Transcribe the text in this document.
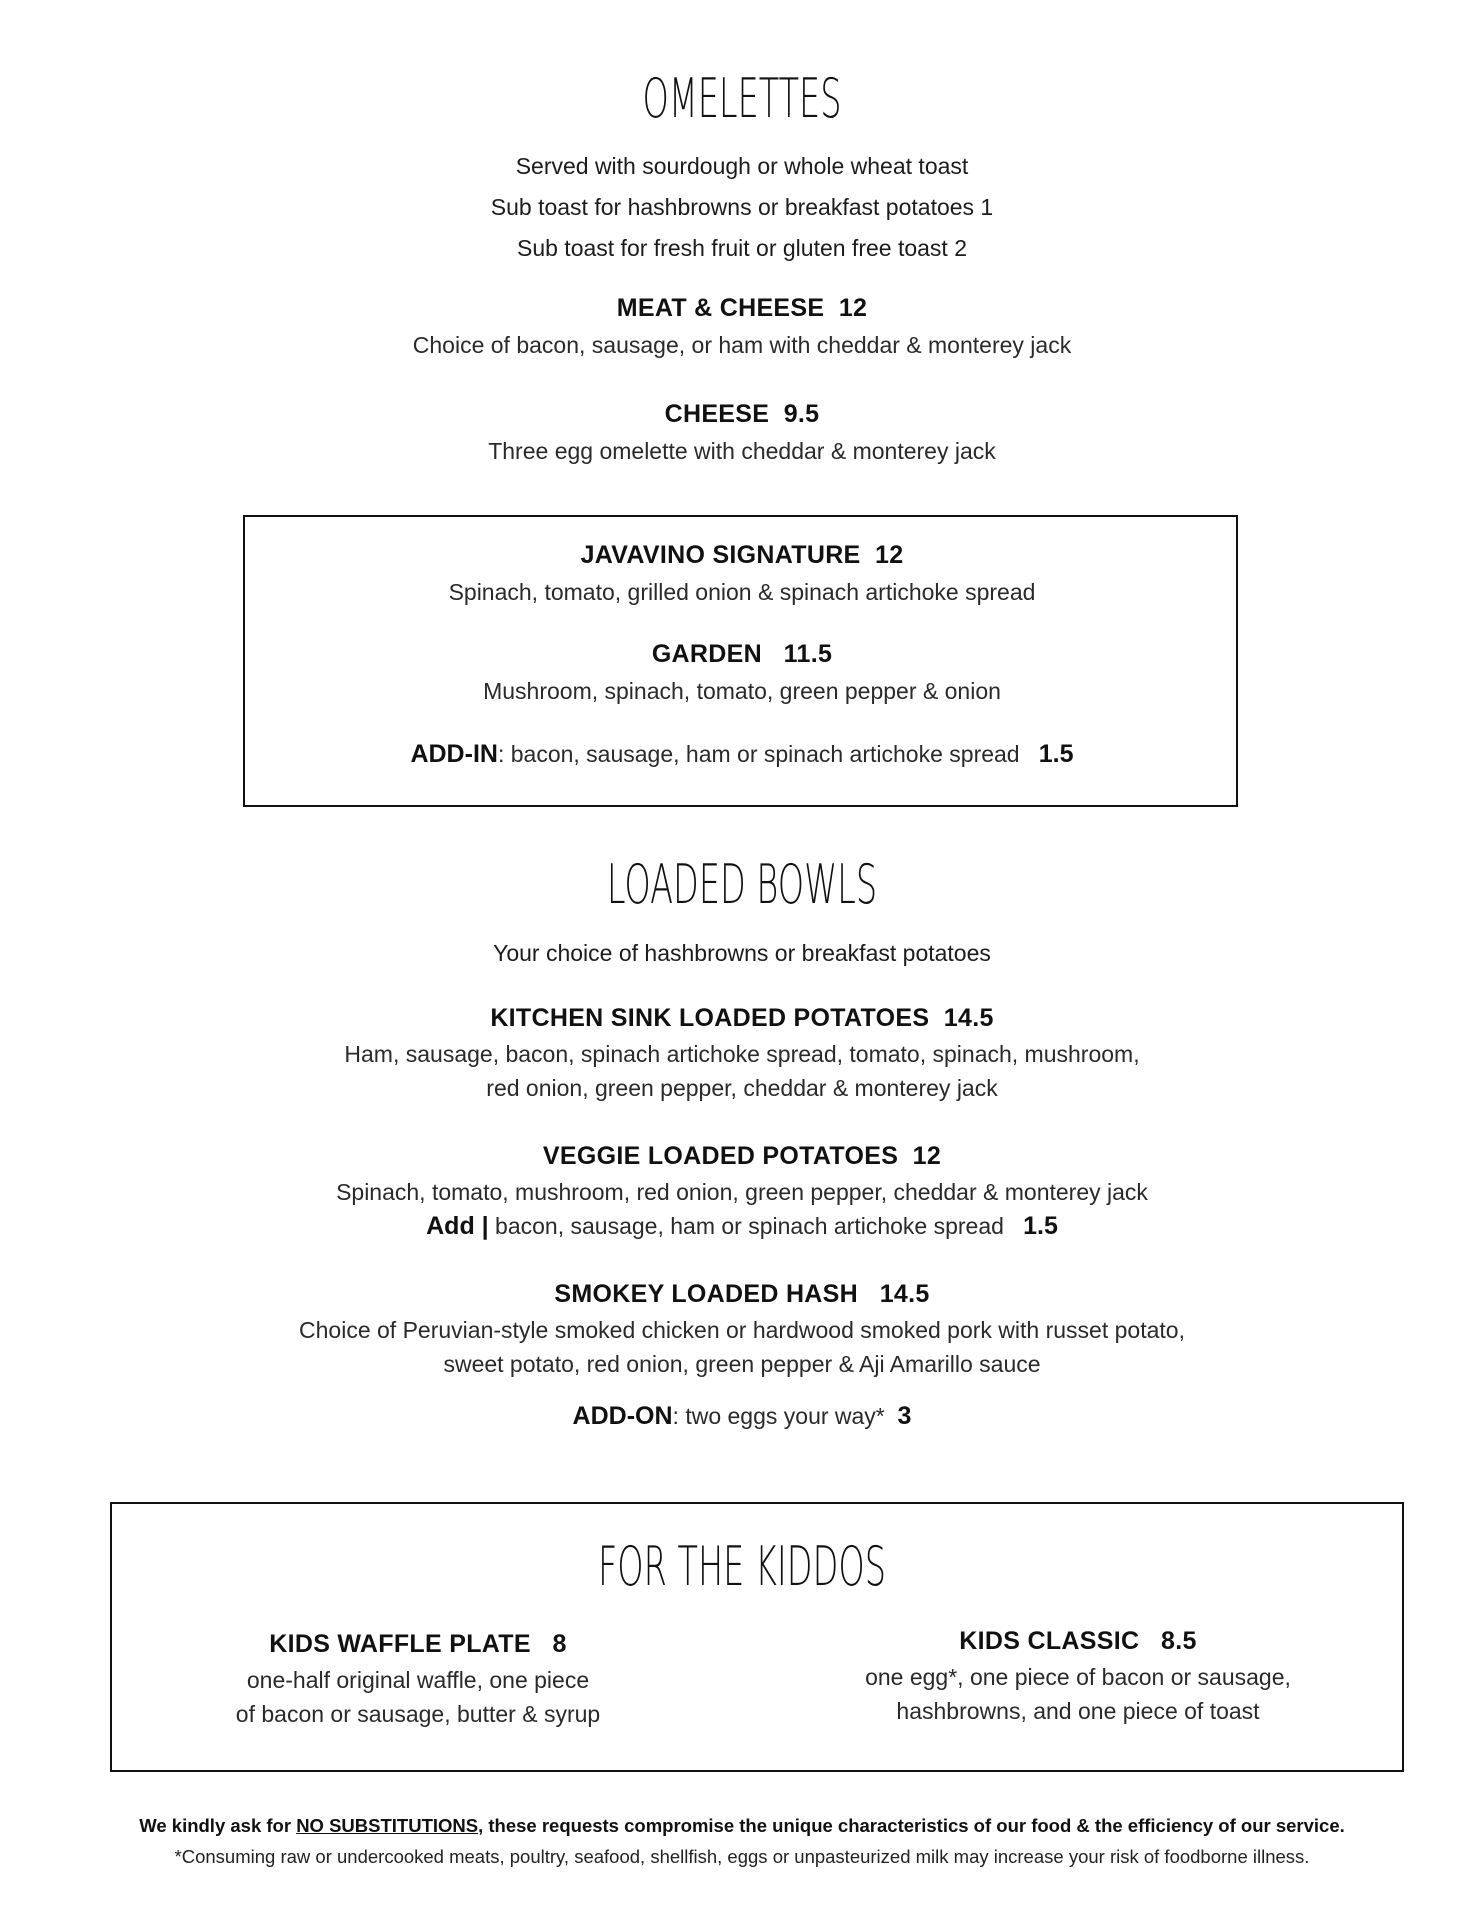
OMELETTES
Served with sourdough or whole wheat toast
Sub toast for hashbrowns or breakfast potatoes 1
Sub toast for fresh fruit or gluten free toast 2
MEAT & CHEESE  12
Choice of bacon, sausage, or ham with cheddar & monterey jack
CHEESE  9.5
Three egg omelette with cheddar & monterey jack
JAVAVINO SIGNATURE  12
Spinach, tomato, grilled onion & spinach artichoke spread
GARDEN   11.5
Mushroom, spinach, tomato, green pepper & onion
ADD-IN: bacon, sausage, ham or spinach artichoke spread   1.5
LOADED BOWLS
Your choice of hashbrowns or breakfast potatoes
KITCHEN SINK LOADED POTATOES  14.5
Ham, sausage, bacon, spinach artichoke spread, tomato, spinach, mushroom,
red onion, green pepper, cheddar & monterey jack
VEGGIE LOADED POTATOES  12
Spinach, tomato, mushroom, red onion, green pepper, cheddar & monterey jack
Add | bacon, sausage, ham or spinach artichoke spread   1.5
SMOKEY LOADED HASH   14.5
Choice of Peruvian-style smoked chicken or hardwood smoked pork with russet potato,
sweet potato, red onion, green pepper & Aji Amarillo sauce
ADD-ON: two eggs your way*  3
FOR THE KIDDOS
KIDS WAFFLE PLATE   8
one-half original waffle, one piece
of bacon or sausage, butter & syrup
KIDS CLASSIC   8.5
one egg*, one piece of bacon or sausage,
hashbrowns, and one piece of toast
We kindly ask for NO SUBSTITUTIONS, these requests compromise the unique characteristics of our food & the efficiency of our service.
*Consuming raw or undercooked meats, poultry, seafood, shellfish, eggs or unpasteurized milk may increase your risk of foodborne illness.
